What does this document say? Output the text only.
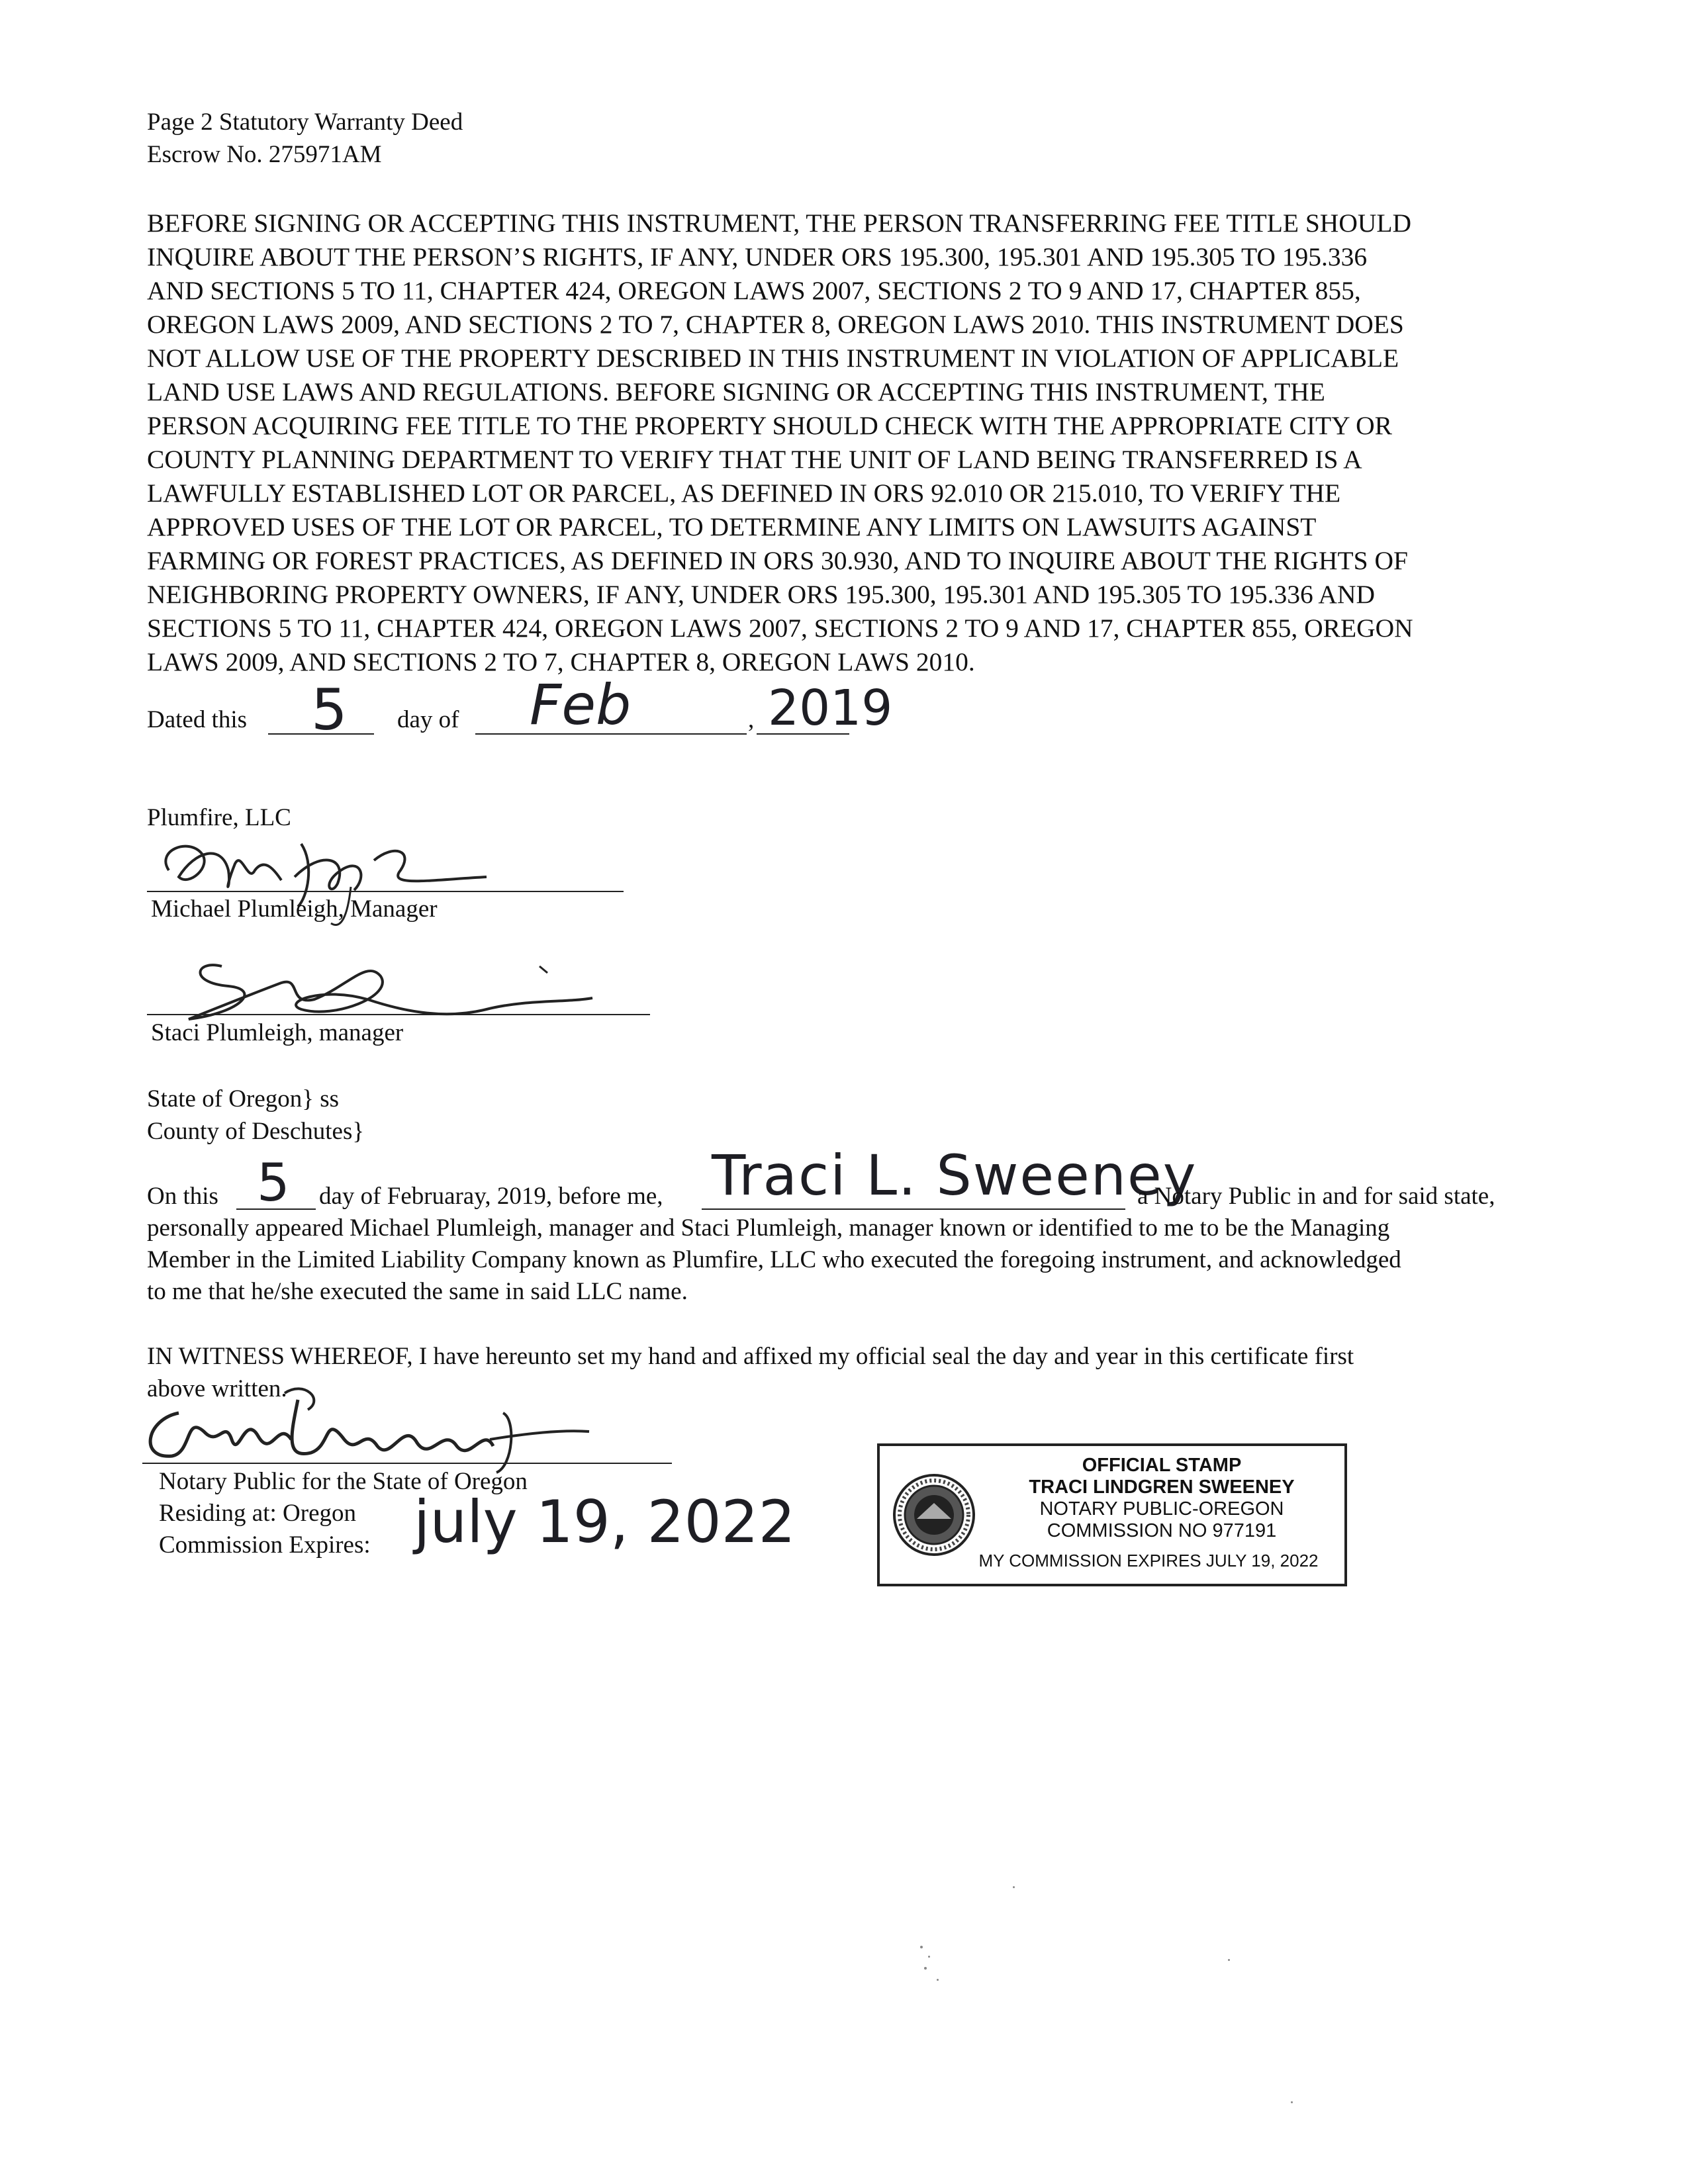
Page 2 Statutory Warranty Deed
Escrow No. 275971AM
BEFORE SIGNING OR ACCEPTING THIS INSTRUMENT, THE PERSON TRANSFERRING FEE TITLE SHOULD
INQUIRE ABOUT THE PERSON’S RIGHTS, IF ANY, UNDER ORS 195.300, 195.301 AND 195.305 TO 195.336
AND SECTIONS 5 TO 11, CHAPTER 424, OREGON LAWS 2007, SECTIONS 2 TO 9 AND 17, CHAPTER 855,
OREGON LAWS 2009, AND SECTIONS 2 TO 7, CHAPTER 8, OREGON LAWS 2010. THIS INSTRUMENT DOES
NOT ALLOW USE OF THE PROPERTY DESCRIBED IN THIS INSTRUMENT IN VIOLATION OF APPLICABLE
LAND USE LAWS AND REGULATIONS. BEFORE SIGNING OR ACCEPTING THIS INSTRUMENT, THE
PERSON ACQUIRING FEE TITLE TO THE PROPERTY SHOULD CHECK WITH THE APPROPRIATE CITY OR
COUNTY PLANNING DEPARTMENT TO VERIFY THAT THE UNIT OF LAND BEING TRANSFERRED IS A
LAWFULLY ESTABLISHED LOT OR PARCEL, AS DEFINED IN ORS 92.010 OR 215.010, TO VERIFY THE
APPROVED USES OF THE LOT OR PARCEL, TO DETERMINE ANY LIMITS ON LAWSUITS AGAINST
FARMING OR FOREST PRACTICES, AS DEFINED IN ORS 30.930, AND TO INQUIRE ABOUT THE RIGHTS OF
NEIGHBORING PROPERTY OWNERS, IF ANY, UNDER ORS 195.300, 195.301 AND 195.305 TO 195.336 AND
SECTIONS 5 TO 11, CHAPTER 424, OREGON LAWS 2007, SECTIONS 2 TO 9 AND 17, CHAPTER 855, OREGON
LAWS 2009, AND SECTIONS 2 TO 7, CHAPTER 8, OREGON LAWS 2010.
Dated this 5 day of Feb	, 2019
Plumfire, LLC
Michael Plumleigh, Manager
Staci Plumleigh, manager
State of Oregon} ss
County of Deschutes}
On this 5 day of Februaray, 2019, before me, Traci L. Sweeney
a Notary Public in and for said state,
personally appeared Michael Plumleigh, manager and Staci Plumleigh, manager known or identified to me to be the Managing
Member in the Limited Liability Company known as Plumfire, LLC who executed the foregoing instrument, and acknowledged
to me that he/she executed the same in said LLC name.
IN WITNESS WHEREOF, I have hereunto set my hand and affixed my official seal the day and year in this certificate first
above written.
Notary Public for the State of Oregon
Residing at: Oregon
Commission Expires: july 19, 2022
OFFICIAL STAMP
TRACI LINDGREN SWEENEY
NOTARY PUBLIC-OREGON
COMMISSION NO 977191
MY COMMISSION EXPIRES JULY 19, 2022
